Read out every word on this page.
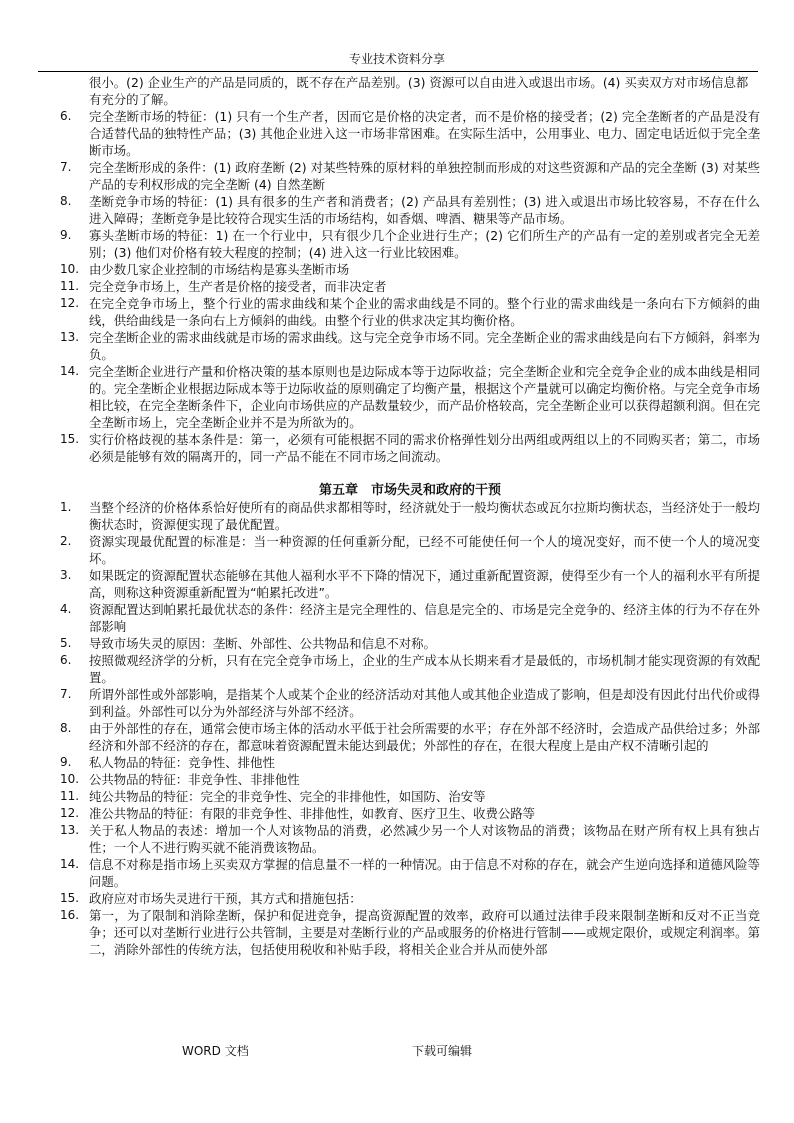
专业技术资料分享
很小。(2) 企业生产的产品是同质的，既不存在产品差别。(3) 资源可以自由进入或退出市场。(4) 买卖双方对市场信息都有充分的了解。
6.	完全垄断市场的特征：(1) 只有一个生产者，因而它是价格的决定者，而不是价格的接受者；(2) 完全垄断者的产品是没有合适替代品的独特性产品；(3) 其他企业进入这一市场非常困难。在实际生活中，公用事业、电力、固定电话近似于完全垄断市场。
7.	完全垄断形成的条件：(1) 政府垄断 (2) 对某些特殊的原材料的单独控制而形成的对这些资源和产品的完全垄断 (3) 对某些产品的专利权形成的完全垄断 (4) 自然垄断
8.	垄断竞争市场的特征：(1) 具有很多的生产者和消费者；(2) 产品具有差别性；(3) 进入或退出市场比较容易，不存在什么进入障碍；垄断竞争是比较符合现实生活的市场结构，如香烟、啤酒、糖果等产品市场。
9.	寡头垄断市场的特征：1) 在一个行业中，只有很少几个企业进行生产；(2) 它们所生产的产品有一定的差别或者完全无差别；(3) 他们对价格有较大程度的控制；(4) 进入这一行业比较困难。
10. 由少数几家企业控制的市场结构是寡头垄断市场
11. 完全竞争市场上，生产者是价格的接受者，而非决定者
12. 在完全竞争市场上，整个行业的需求曲线和某个企业的需求曲线是不同的。整个行业的需求曲线是一条向右下方倾斜的曲线，供给曲线是一条向右上方倾斜的曲线。由整个行业的供求决定其均衡价格。
13. 完全垄断企业的需求曲线就是市场的需求曲线。这与完全竞争市场不同。完全垄断企业的需求曲线是向右下方倾斜，斜率为负。
14. 完全垄断企业进行产量和价格决策的基本原则也是边际成本等于边际收益；完全垄断企业和完全竞争企业的成本曲线是相同的。完全垄断企业根据边际成本等于边际收益的原则确定了均衡产量，根据这个产量就可以确定均衡价格。与完全竞争市场相比较，在完全垄断条件下，企业向市场供应的产品数量较少，而产品价格较高，完全垄断企业可以获得超额利润。但在完全垄断市场上，完全垄断企业并不是为所欲为的。
15. 实行价格歧视的基本条件是：第一，必须有可能根据不同的需求价格弹性划分出两组或两组以上的不同购买者；第二，市场必须是能够有效的隔离开的，同一产品不能在不同市场之间流动。
第五章　市场失灵和政府的干预
1.	当整个经济的价格体系恰好使所有的商品供求都相等时，经济就处于一般均衡状态或瓦尔拉斯均衡状态，当经济处于一般均衡状态时，资源便实现了最优配置。
2.	资源实现最优配置的标准是：当一种资源的任何重新分配，已经不可能使任何一个人的境况变好，而不使一个人的境况变坏。
3.	如果既定的资源配置状态能够在其他人福利水平不下降的情况下，通过重新配置资源，使得至少有一个人的福利水平有所提高，则称这种资源重新配置为“帕累托改进”。
4.	资源配置达到帕累托最优状态的条件：经济主是完全理性的、信息是完全的、市场是完全竞争的、经济主体的行为不存在外部影响
5.	导致市场失灵的原因：垄断、外部性、公共物品和信息不对称。
6.	按照微观经济学的分析，只有在完全竞争市场上，企业的生产成本从长期来看才是最低的，市场机制才能实现资源的有效配置。
7.	所谓外部性或外部影响，是指某个人或某个企业的经济活动对其他人或其他企业造成了影响，但是却没有因此付出代价或得到利益。外部性可以分为外部经济与外部不经济。
8.	由于外部性的存在，通常会使市场主体的活动水平低于社会所需要的水平；存在外部不经济时，会造成产品供给过多；外部经济和外部不经济的存在，都意味着资源配置未能达到最优；外部性的存在，在很大程度上是由产权不清晰引起的
9.	私人物品的特征：竞争性、排他性
10. 公共物品的特征：非竞争性、非排他性
11. 纯公共物品的特征：完全的非竞争性、完全的非排他性，如国防、治安等
12. 准公共物品的特征：有限的非竞争性、非排他性，如教育、医疗卫生、收费公路等
13. 关于私人物品的表述：增加一个人对该物品的消费，必然减少另一个人对该物品的消费；该物品在财产所有权上具有独占性；一个人不进行购买就不能消费该物品。
14. 信息不对称是指市场上买卖双方掌握的信息量不一样的一种情况。由于信息不对称的存在，就会产生逆向选择和道德风险等问题。
15. 政府应对市场失灵进行干预，其方式和措施包括：
16. 第一，为了限制和消除垄断，保护和促进竞争，提高资源配置的效率，政府可以通过法律手段来限制垄断和反对不正当竞争；还可以对垄断行业进行公共管制，主要是对垄断行业的产品或服务的价格进行管制——或规定限价，或规定利润率。第二，消除外部性的传统方法，包括使用税收和补贴手段，将相关企业合并从而使外部
WORD 文档	下载可编辑
